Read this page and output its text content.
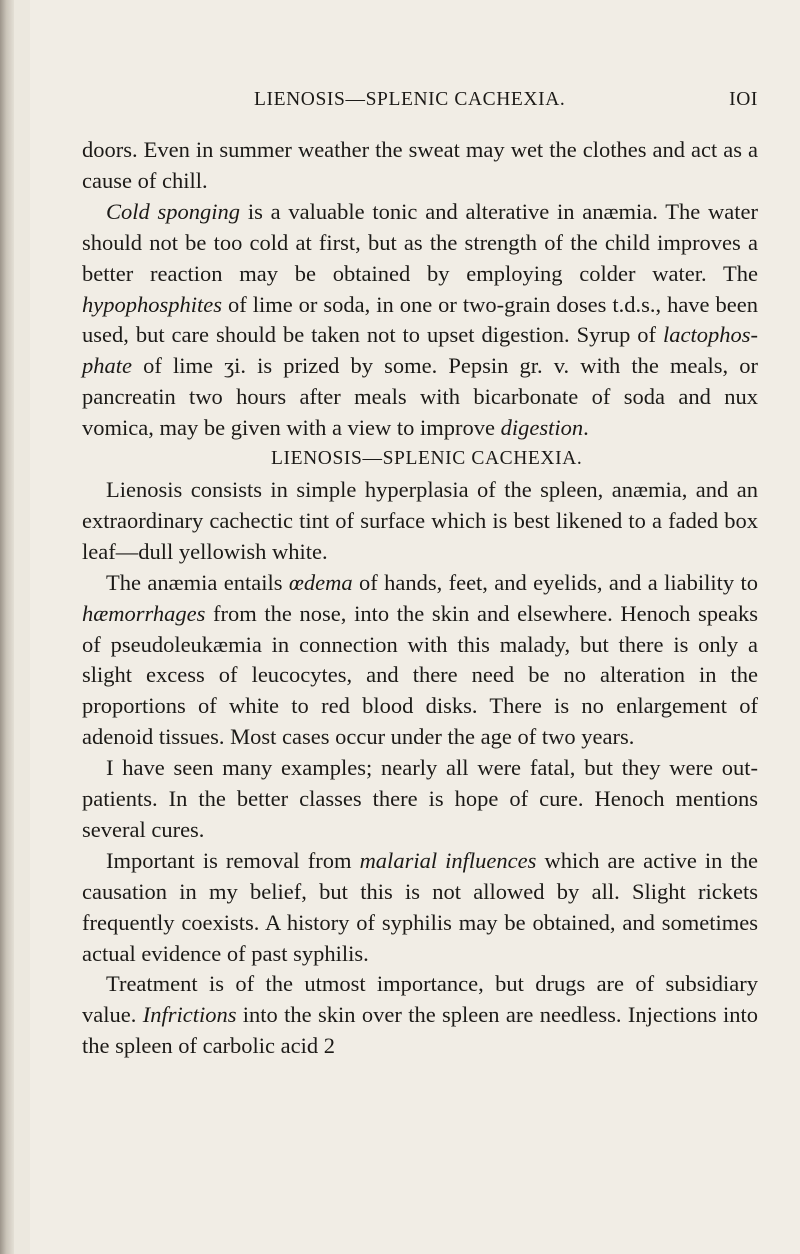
LIENOSIS—SPLENIC CACHEXIA.	IOI

doors. Even in summer weather the sweat may wet the clothes and act as a cause of chill.

Cold sponging is a valuable tonic and alterative in anæmia. The water should not be too cold at first, but as the strength of the child improves a better reaction may be obtained by employing colder water. The hypophosphites of lime or soda, in one or two-grain doses t.d.s., have been used, but care should be taken not to upset digestion. Syrup of lactophos-phate of lime ʒi. is prized by some. Pepsin gr. v. with the meals, or pancreatin two hours after meals with bicarbonate of soda and nux vomica, may be given with a view to improve digestion.

LIENOSIS—SPLENIC CACHEXIA.

Lienosis consists in simple hyperplasia of the spleen, anæmia, and an extraordinary cachectic tint of surface which is best likened to a faded box leaf—dull yellowish white.

The anæmia entails œdema of hands, feet, and eyelids, and a liability to hæmorrhages from the nose, into the skin and elsewhere. Henoch speaks of pseudoleukæmia in connection with this malady, but there is only a slight excess of leucocytes, and there need be no alteration in the proportions of white to red blood disks. There is no enlargement of adenoid tissues. Most cases occur under the age of two years.

I have seen many examples; nearly all were fatal, but they were out-patients. In the better classes there is hope of cure. Henoch mentions several cures.

Important is removal from malarial influences which are active in the causation in my belief, but this is not allowed by all. Slight rickets frequently coexists. A history of syphilis may be obtained, and sometimes actual evidence of past syphilis.

Treatment is of the utmost importance, but drugs are of subsidiary value. Infrictions into the skin over the spleen are needless. Injections into the spleen of carbolic acid 2
